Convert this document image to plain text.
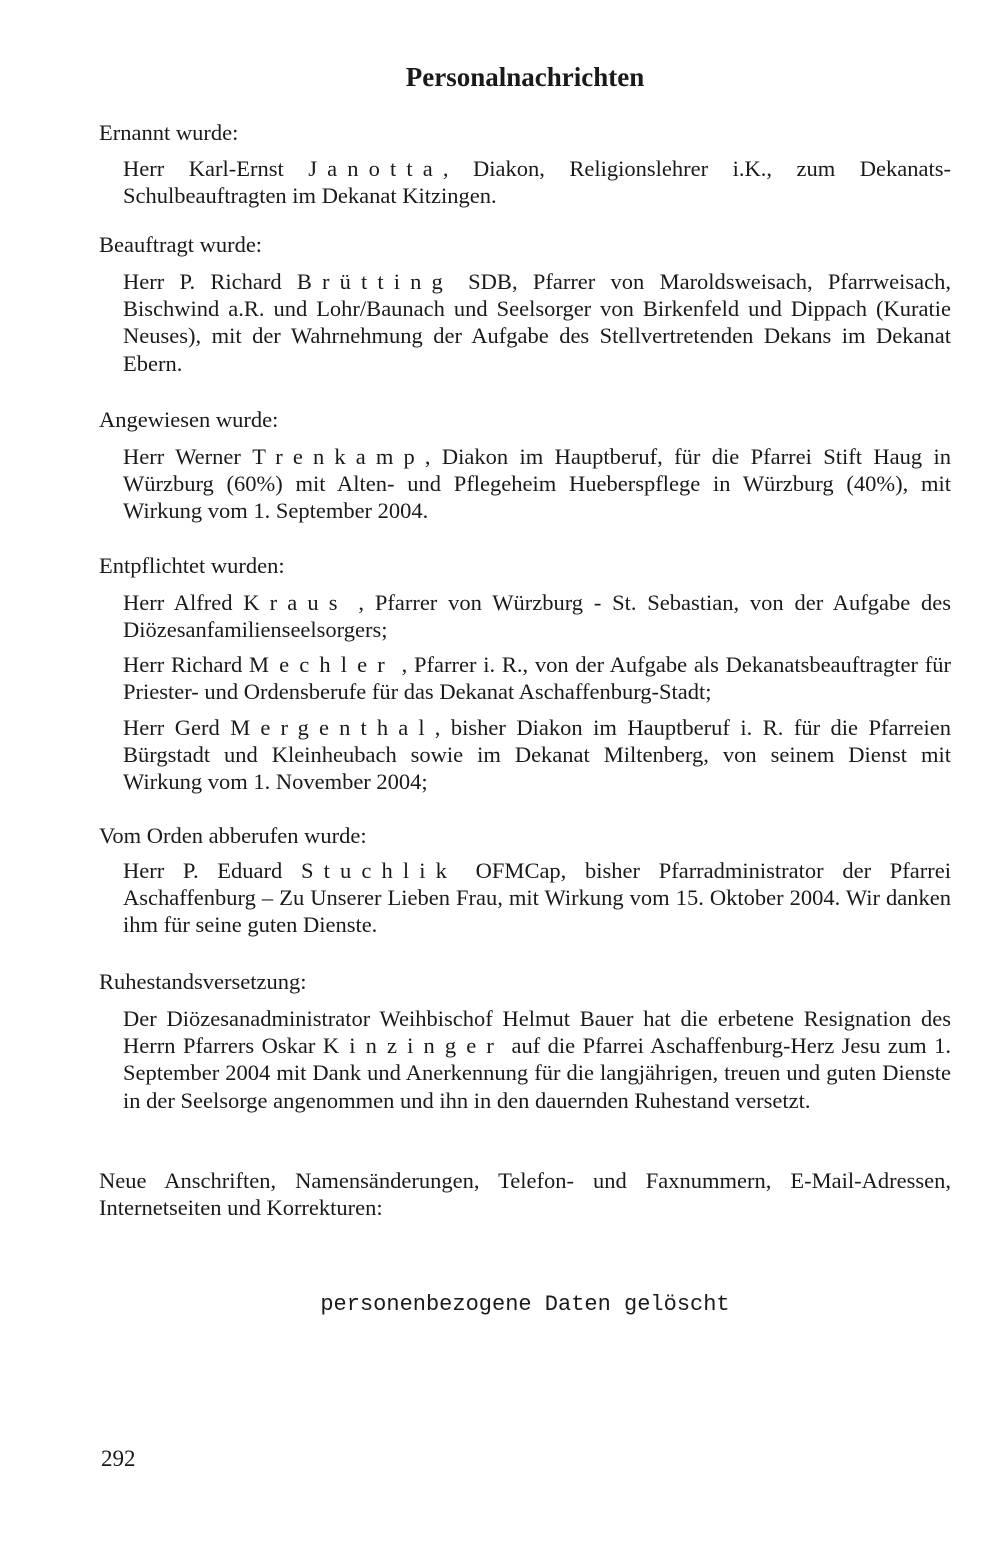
Personalnachrichten
Ernannt wurde:
Herr Karl-Ernst Janotta, Diakon, Religionslehrer i.K., zum Dekanats-Schulbeauftragten im Dekanat Kitzingen.
Beauftragt wurde:
Herr P. Richard Brütting SDB, Pfarrer von Maroldsweisach, Pfarrweisach, Bischwind a.R. und Lohr/Baunach und Seelsorger von Birkenfeld und Dippach (Kuratie Neuses), mit der Wahrnehmung der Aufgabe des Stellvertretenden Dekans im Dekanat Ebern.
Angewiesen wurde:
Herr Werner Trenkamp, Diakon im Hauptberuf, für die Pfarrei Stift Haug in Würzburg (60%) mit Alten- und Pflegeheim Hueberspflege in Würzburg (40%), mit Wirkung vom 1. September 2004.
Entpflichtet wurden:
Herr Alfred Kraus , Pfarrer von Würzburg - St. Sebastian, von der Aufgabe des Diözesanfamilienseelsorgers;
Herr Richard Mechler , Pfarrer i. R., von der Aufgabe als Dekanatsbeauftragter für Priester- und Ordensberufe für das Dekanat Aschaffenburg-Stadt;
Herr Gerd Mergenthal, bisher Diakon im Hauptberuf i. R. für die Pfarreien Bürgstadt und Kleinheubach sowie im Dekanat Miltenberg, von seinem Dienst mit Wirkung vom 1. November 2004;
Vom Orden abberufen wurde:
Herr P. Eduard Stuchlik OFMCap, bisher Pfarradministrator der Pfarrei Aschaffenburg – Zu Unserer Lieben Frau, mit Wirkung vom 15. Oktober 2004. Wir danken ihm für seine guten Dienste.
Ruhestandsversetzung:
Der Diözesanadministrator Weihbischof Helmut Bauer hat die erbetene Resignation des Herrn Pfarrers Oskar Kinzinger auf die Pfarrei Aschaffenburg-Herz Jesu zum 1. September 2004 mit Dank und Anerkennung für die langjährigen, treuen und guten Dienste in der Seelsorge angenommen und ihn in den dauernden Ruhestand versetzt.
Neue Anschriften, Namensänderungen, Telefon- und Faxnummern, E-Mail-Adressen, Internetseiten und Korrekturen:
personenbezogene Daten gelöscht
292
